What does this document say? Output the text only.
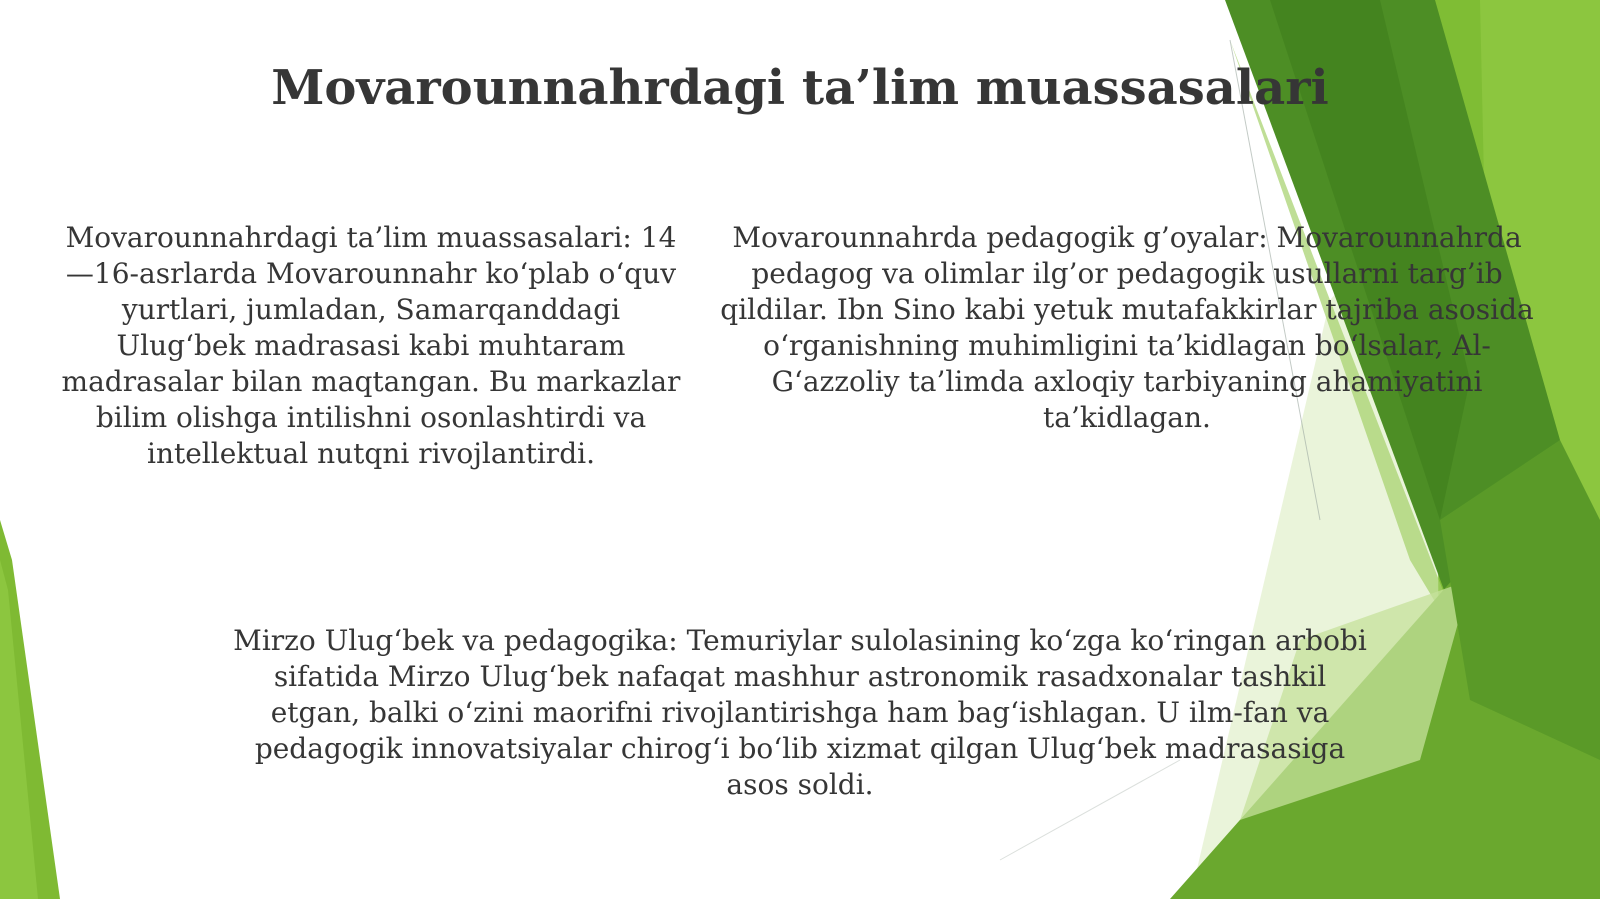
Movarounnahrdagi ta’lim muassasalari

Movarounnahrdagi ta’lim muassasalari: 14—16-asrlarda Movarounnahr ko‘plab o‘quv yurtlari, jumladan, Samarqanddagi Ulug‘bek madrasasi kabi muhtaram madrasalar bilan maqtangan. Bu markazlar bilim olishga intilishni osonlashtirdi va intellektual nutqni rivojlantirdi.

Movarounnahrda pedagogik g’oyalar: Movarounnahrda pedagog va olimlar ilg’or pedagogik usullarni targ’ib qildilar. Ibn Sino kabi yetuk mutafakkirlar tajriba asosida o‘rganishning muhimligini ta’kidlagan bo‘lsalar, Al-G‘azzoliy ta’limda axloqiy tarbiyaning ahamiyatini ta’kidlagan.

Mirzo Ulug‘bek va pedagogika: Temuriylar sulolasining ko‘zga ko‘ringan arbobi sifatida Mirzo Ulug‘bek nafaqat mashhur astronomik rasadxonalar tashkil etgan, balki o‘zini maorifni rivojlantirishga ham bag‘ishlagan. U ilm-fan va pedagogik innovatsiyalar chirog‘i bo‘lib xizmat qilgan Ulug‘bek madrasasiga asos soldi.
